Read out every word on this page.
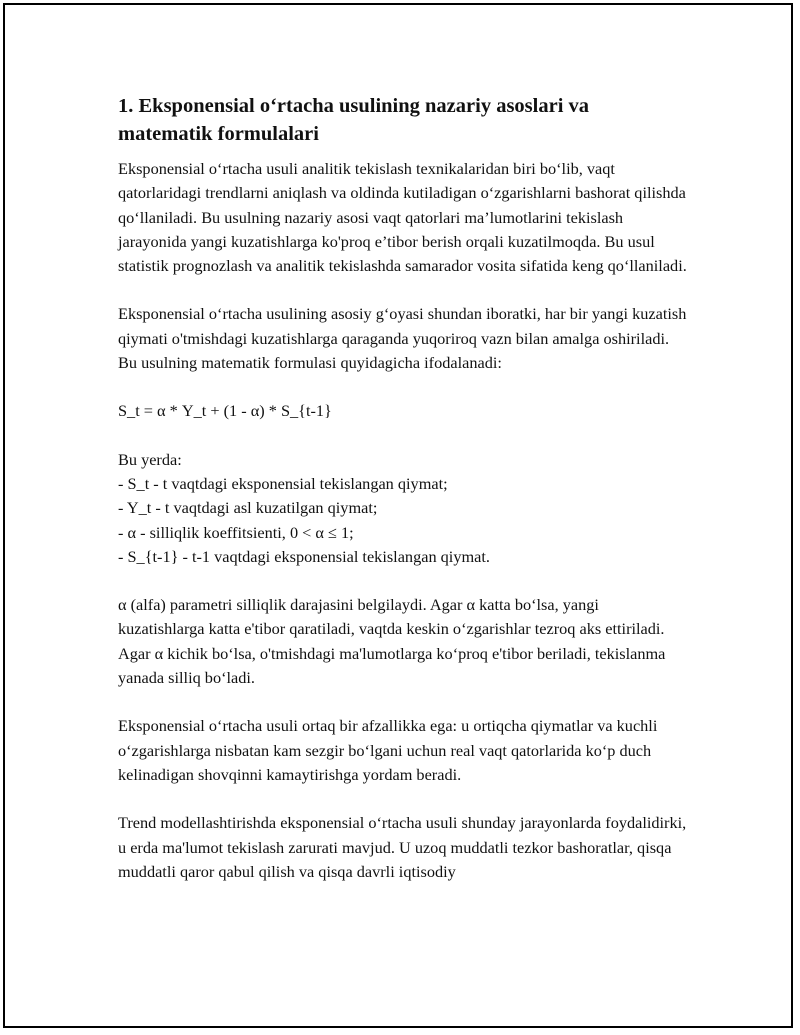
1. Eksponensial o‘rtacha usulining nazariy asoslari va matematik formulalari

Eksponensial o‘rtacha usuli analitik tekislash texnikalaridan biri bo‘lib, vaqt qatorlaridagi trendlarni aniqlash va oldinda kutiladigan o‘zgarishlarni bashorat qilishda qo‘llaniladi. Bu usulning nazariy asosi vaqt qatorlari ma’lumotlarini tekislash jarayonida yangi kuzatishlarga ko'proq e’tibor berish orqali kuzatilmoqda. Bu usul statistik prognozlash va analitik tekislashda samarador vosita sifatida keng qo‘llaniladi.

Eksponensial o‘rtacha usulining asosiy g‘oyasi shundan iboratki, har bir yangi kuzatish qiymati o'tmishdagi kuzatishlarga qaraganda yuqoriroq vazn bilan amalga oshiriladi. Bu usulning matematik formulasi quyidagicha ifodalanadi:

S_t = α * Y_t + (1 - α) * S_{t-1}

Bu yerda:

- S_t - t vaqtdagi eksponensial tekislangan qiymat;
- Y_t - t vaqtdagi asl kuzatilgan qiymat;
- α - silliqlik koeffitsienti, 0 < α ≤ 1;
- S_{t-1} - t-1 vaqtdagi eksponensial tekislangan qiymat.

α (alfa) parametri silliqlik darajasini belgilaydi. Agar α katta bo‘lsa, yangi kuzatishlarga katta e'tibor qaratiladi, vaqtda keskin o‘zgarishlar tezroq aks ettiriladi. Agar α kichik bo‘lsa, o'tmishdagi ma'lumotlarga ko‘proq e'tibor beriladi, tekislanma yanada silliq bo‘ladi.

Eksponensial o‘rtacha usuli ortaq bir afzallikka ega: u ortiqcha qiymatlar va kuchli o‘zgarishlarga nisbatan kam sezgir bo‘lgani uchun real vaqt qatorlarida ko‘p duch kelinadigan shovqinni kamaytirishga yordam beradi.

Trend modellashtirishda eksponensial o‘rtacha usuli shunday jarayonlarda foydalidirki, u erda ma'lumot tekislash zarurati mavjud. U uzoq muddatli tezkor bashoratlar, qisqa muddatli qaror qabul qilish va qisqa davrli iqtisodiy
